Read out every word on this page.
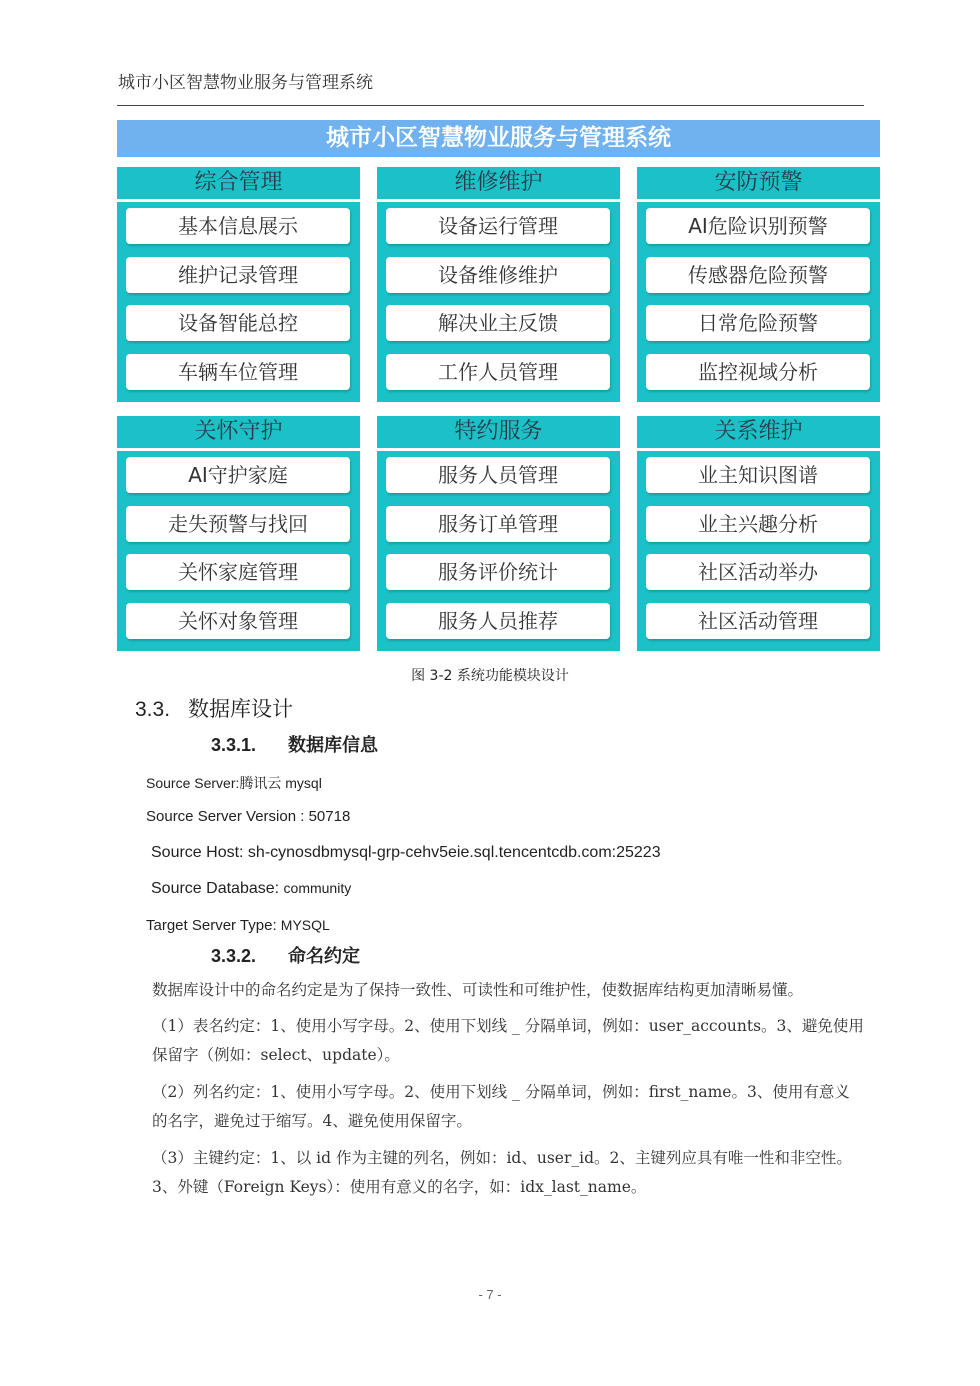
城市小区智慧物业服务与管理系统
城市小区智慧物业服务与管理系统
综合管理
基本信息展示
维护记录管理
设备智能总控
车辆车位管理
维修维护
设备运行管理
设备维修维护
解决业主反馈
工作人员管理
安防预警
AI危险识别预警
传感器危险预警
日常危险预警
监控视域分析
关怀守护
AI守护家庭
走失预警与找回
关怀家庭管理
关怀对象管理
特约服务
服务人员管理
服务订单管理
服务评价统计
服务人员推荐
关系维护
业主知识图谱
业主兴趣分析
社区活动举办
社区活动管理
图 3-2 系统功能模块设计
3.3. 数据库设计
3.3.1. 数据库信息
Source Server:腾讯云 mysql
Source Server Version : 50718
Source Host: sh-cynosdbmysql-grp-cehv5eie.sql.tencentcdb.com:25223
Source Database: community
Target Server Type: MYSQL
3.3.2. 命名约定
数据库设计中的命名约定是为了保持一致性、可读性和可维护性，使数据库结构更加清晰易懂。
（1）表名约定：1、使用小写字母。2、使用下划线 _ 分隔单词，例如：user_accounts。3、避免使用保留字（例如：select、update）。
（2）列名约定：1、使用小写字母。2、使用下划线 _ 分隔单词，例如：first_name。3、使用有意义的名字，避免过于缩写。4、避免使用保留字。
（3）主键约定：1、以 id 作为主键的列名，例如：id、user_id。2、主键列应具有唯一性和非空性。3、外键（Foreign Keys）：使用有意义的名字，如：idx_last_name。
- 7 -
